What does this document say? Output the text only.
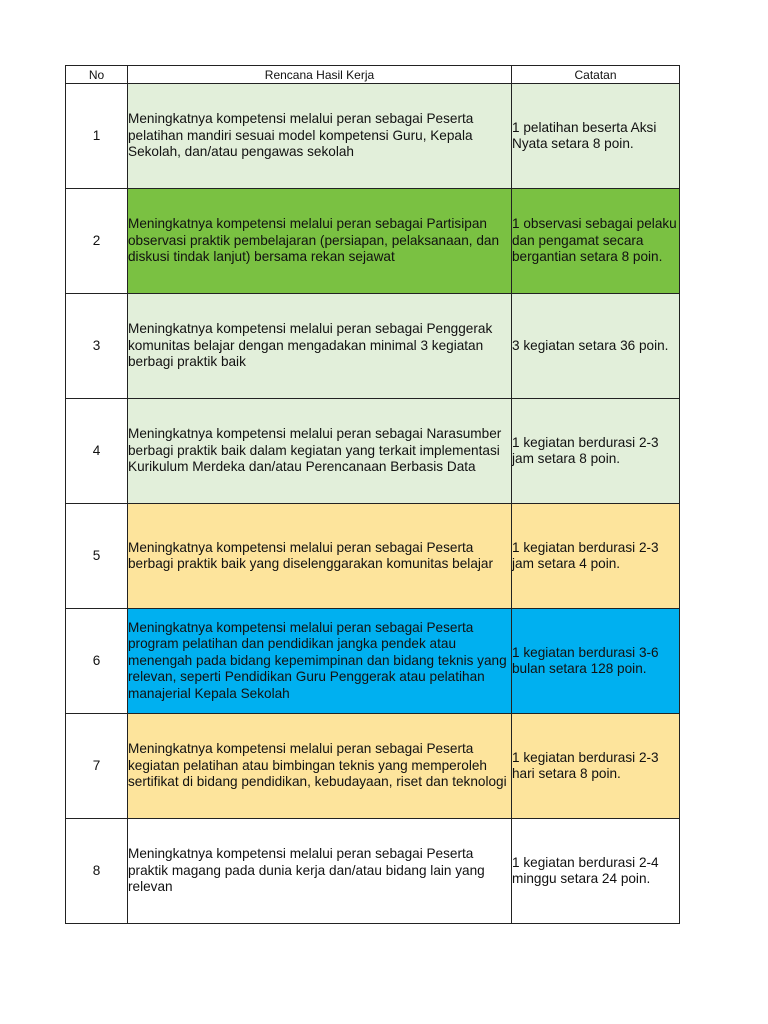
No	Rencana Hasil Kerja	Catatan
1	Meningkatnya kompetensi melalui peran sebagai Peserta pelatihan mandiri sesuai model kompetensi Guru, Kepala Sekolah, dan/atau pengawas sekolah	1 pelatihan beserta Aksi Nyata setara 8 poin.

2	Meningkatnya kompetensi melalui peran sebagai Partisipan observasi praktik pembelajaran (persiapan, pelaksanaan, dan diskusi tindak lanjut) bersama rekan sejawat	1 observasi sebagai pelaku dan pengamat secara bergantian setara 8 poin.

3	Meningkatnya kompetensi melalui peran sebagai Penggerak komunitas belajar dengan mengadakan minimal 3 kegiatan berbagi praktik baik	3 kegiatan setara 36 poin.

4	Meningkatnya kompetensi melalui peran sebagai Narasumber berbagi praktik baik dalam kegiatan yang terkait implementasi Kurikulum Merdeka dan/atau Perencanaan Berbasis Data	1 kegiatan berdurasi 2-3 jam setara 8 poin.

5	Meningkatnya kompetensi melalui peran sebagai Peserta berbagi praktik baik yang diselenggarakan komunitas belajar	1 kegiatan berdurasi 2-3 jam setara 4 poin.

6	Meningkatnya kompetensi melalui peran sebagai Peserta program pelatihan dan pendidikan jangka pendek atau menengah pada bidang kepemimpinan dan bidang teknis yang relevan, seperti Pendidikan Guru Penggerak atau pelatihan manajerial Kepala Sekolah	1 kegiatan berdurasi 3-6 bulan setara 128 poin.

7	Meningkatnya kompetensi melalui peran sebagai Peserta kegiatan pelatihan atau bimbingan teknis yang memperoleh sertifikat di bidang pendidikan, kebudayaan, riset dan teknologi	1 kegiatan berdurasi 2-3 hari setara 8 poin.

8	Meningkatnya kompetensi melalui peran sebagai Peserta praktik magang pada dunia kerja dan/atau bidang lain yang relevan	1 kegiatan berdurasi 2-4 minggu setara 24 poin.
